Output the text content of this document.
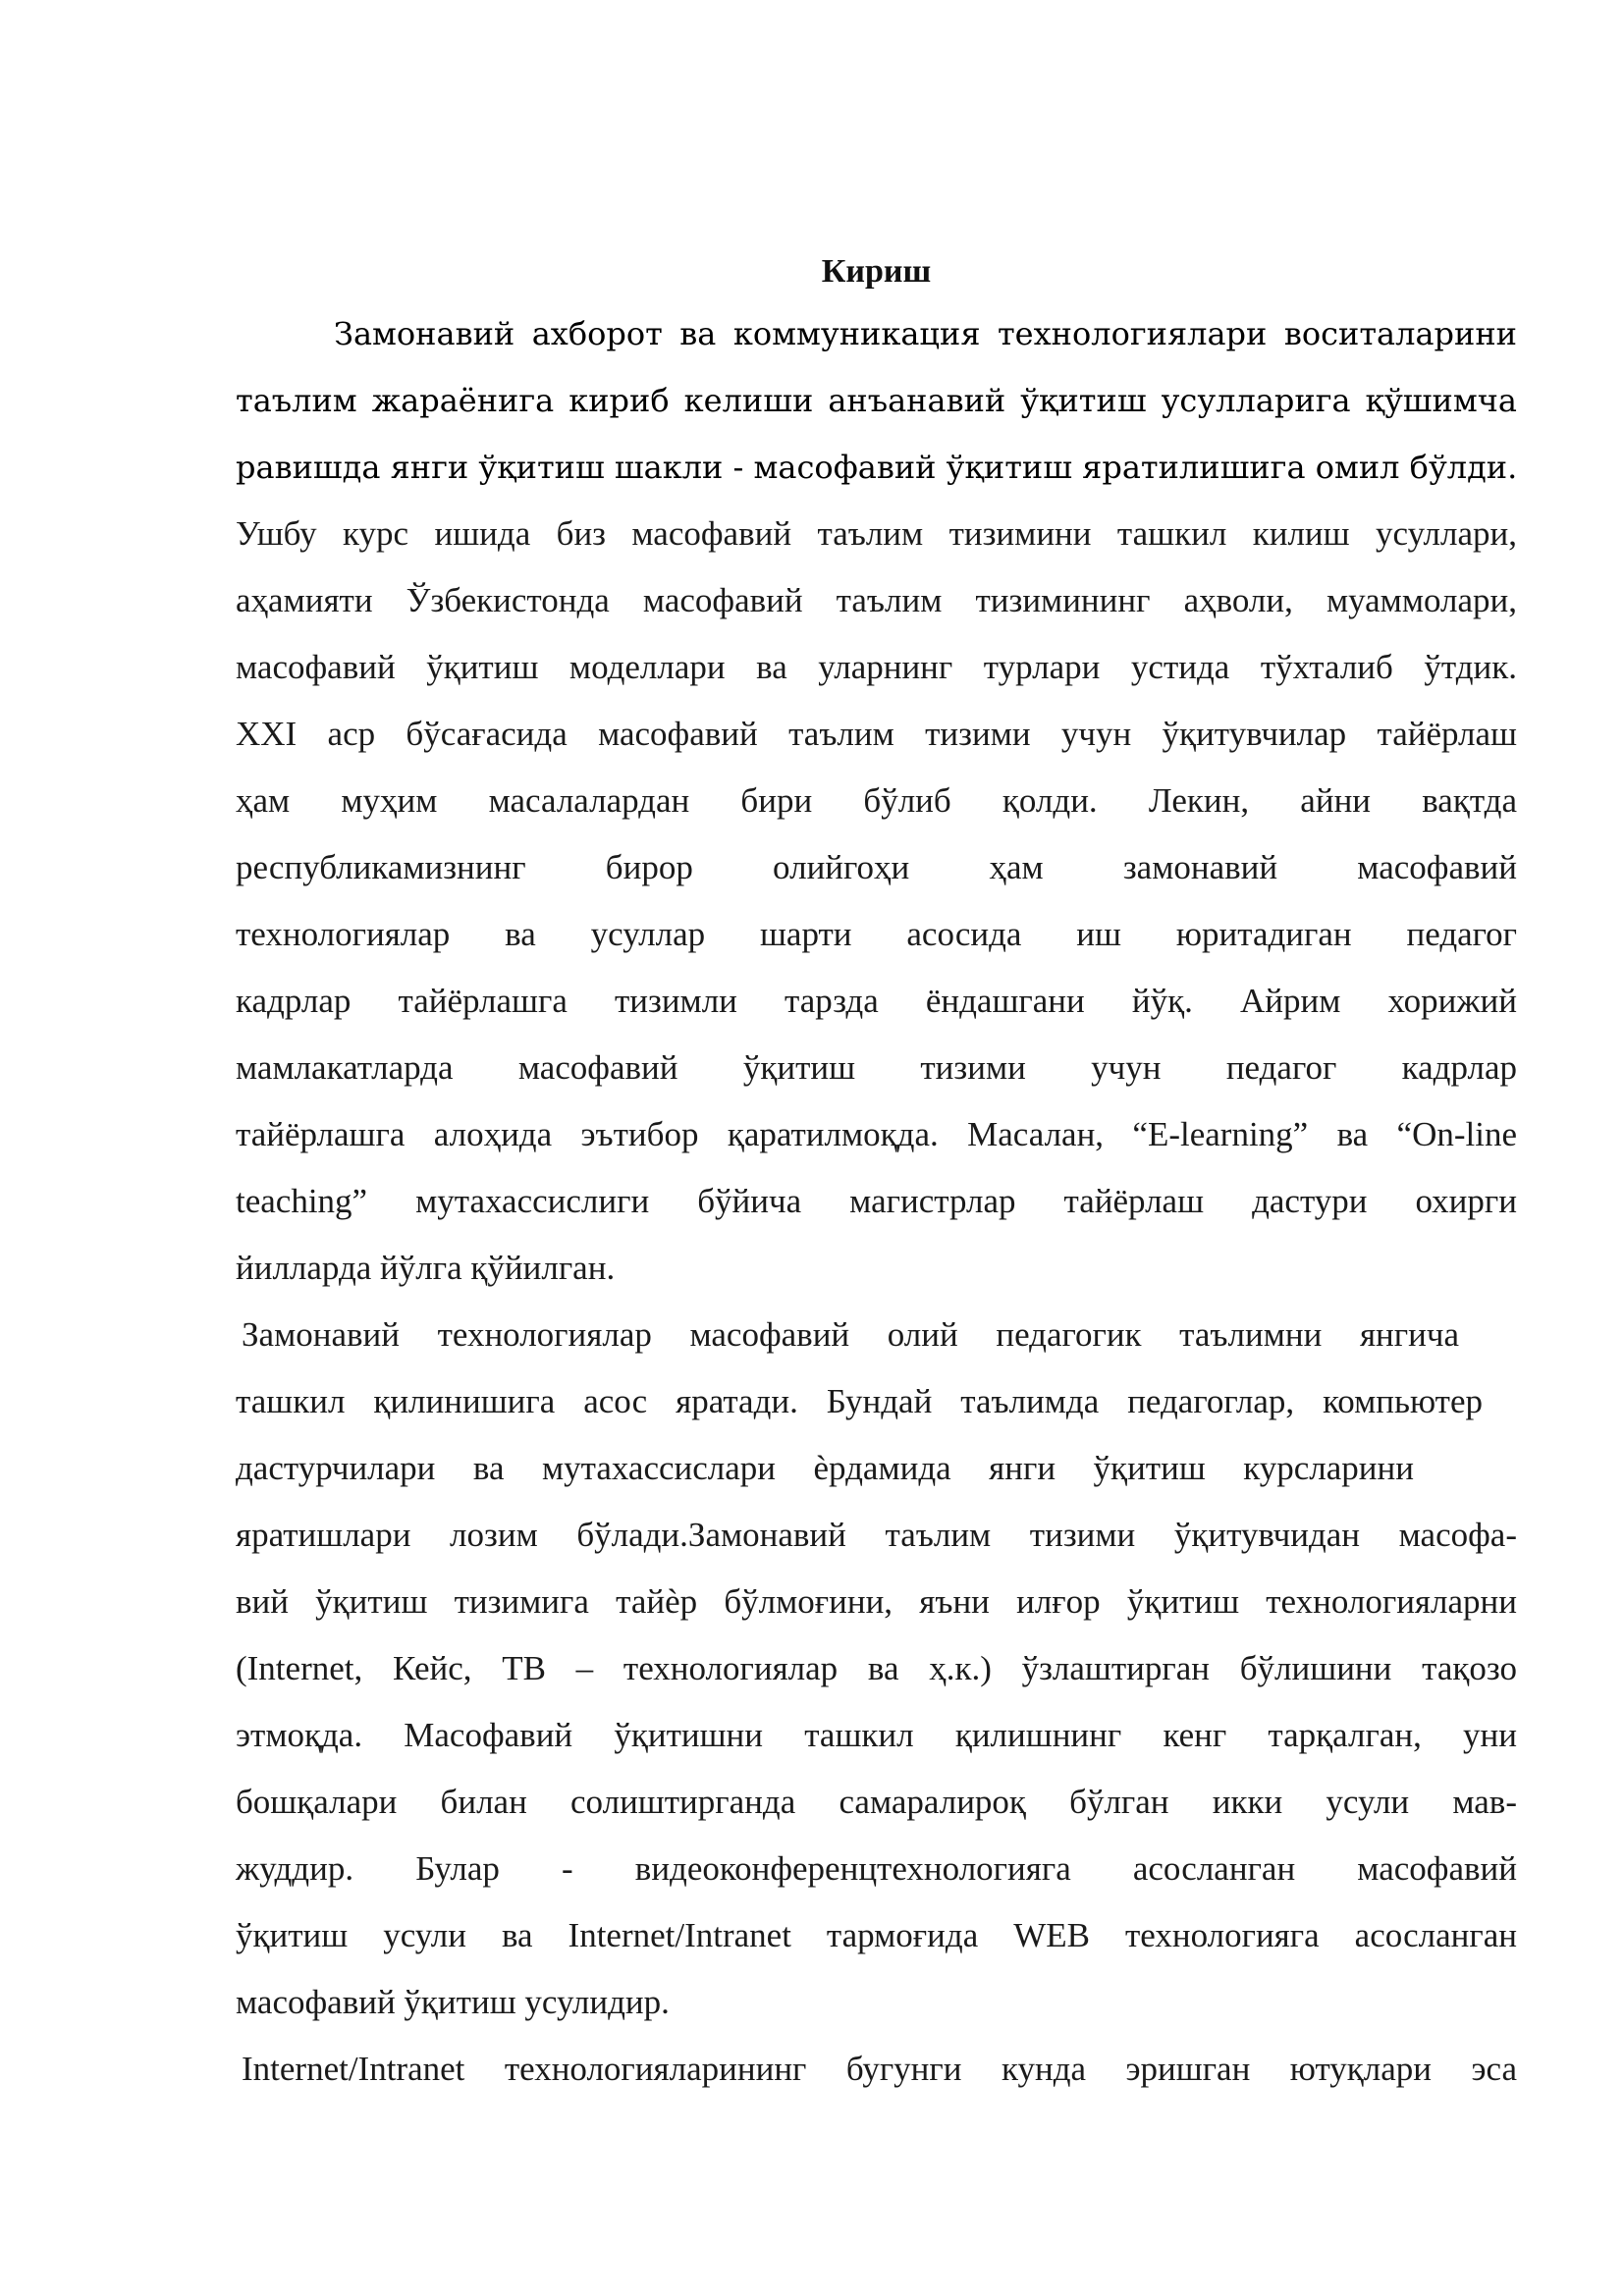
Кириш
Замонавий ахборот ва коммуникация технологиялари воситаларини
таълим жараёнига кириб келиши анъанавий ўқитиш усулларига қўшимча
равишда янги ўқитиш шакли - масофавий ўқитиш яратилишига омил бўлди.
Ушбу курс ишида биз масофавий таълим тизимини ташкил килиш усуллари,
аҳамияти Ўзбекистонда масофавий таълим тизимининг аҳволи, муаммолари,
масофавий ўқитиш моделлари ва уларнинг турлари устида тўхталиб ўтдик.
XXI аср бўсағасида масофавий таълим тизими учун ўқитувчилар тайёрлаш
ҳам муҳим масалалардан бири бўлиб қолди. Лекин, айни вақтда
республикамизнинг бирор олийгоҳи ҳам замонавий масофавий
технологиялар ва усуллар шарти асосида иш юритадиган педагог
кадрлар тайёрлашга тизимли тарзда ёндашгани йўқ. Айрим хорижий
мамлакатларда масофавий ўқитиш тизими учун педагог кадрлар
тайёрлашга алоҳида эътибор қаратилмоқда. Масалан, “E-learning” ва “On-line
teaching” мутахассислиги бўйича магистрлар тайёрлаш дастури охирги
йилларда йўлга қўйилган.
Замонавий технологиялар масофавий олий педагогик таълимни янгича
ташкил қилинишига асос яратади. Бундай таълимда педагоглар, компьютер
дастурчилари ва мутахассислари ѐрдамида янги ўқитиш курсларини
яратишлари лозим бўлади.Замонавий таълим тизими ўқитувчидан масофа-
вий ўқитиш тизимига тайѐр бўлмоғини, яъни илғор ўқитиш технологияларни
(Internet, Кейс, ТВ – технологиялар ва ҳ.к.) ўзлаштирган бўлишини тақозо
этмоқда. Масофавий ўқитишни ташкил қилишнинг кенг тарқалган, уни
бошқалари билан солиштирганда самаралироқ бўлган икки усули мав-
жуддир. Булар - видеоконференцтехнологияга асосланган масофавий
ўқитиш усули ва Internet/Intranet тармоғида WEB технологияга асосланган
масофавий ўқитиш усулидир.
Internet/Intranet технологияларининг бугунги кунда эришган ютуқлари эса
